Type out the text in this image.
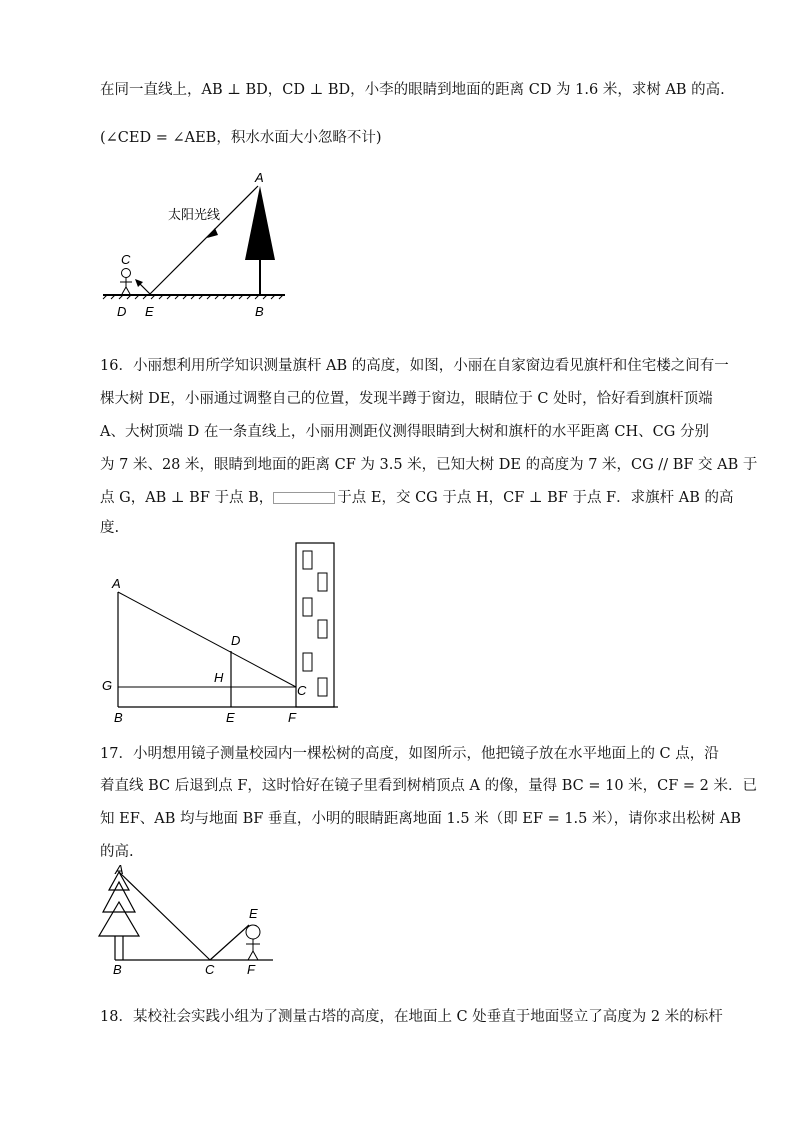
在同一直线上，AB ⊥ BD，CD ⊥ BD，小李的眼睛到地面的距离 CD 为 1.6 米，求树 AB 的高.
(∠CED = ∠AEB，积水水面大小忽略不计)
太阳光线
A
B
C
D E
16．小丽想利用所学知识测量旗杆 AB 的高度，如图，小丽在自家窗边看见旗杆和住宅楼之间有一
棵大树 DE，小丽通过调整自己的位置，发现半蹲于窗边，眼睛位于 C 处时，恰好看到旗杆顶端
A、大树顶端 D 在一条直线上，小丽用测距仪测得眼睛到大树和旗杆的水平距离 CH、CG 分别
为 7 米、28 米，眼睛到地面的距离 CF 为 3.5 米，已知大树 DE 的高度为 7 米，CG // BF 交 AB 于
点 G，AB ⊥ BF 于点 B，	于点 E，交 CG 于点 H，CF ⊥ BF 于点 F．求旗杆 AB 的高
度.
A
B
C
D
E	F
G
H
17．小明想用镜子测量校园内一棵松树的高度，如图所示，他把镜子放在水平地面上的 C 点，沿
着直线 BC 后退到点 F，这时恰好在镜子里看到树梢顶点 A 的像，量得 BC = 10 米，CF = 2 米．已
知 EF、AB 均与地面 BF 垂直，小明的眼睛距离地面 1.5 米（即 EF = 1.5 米），请你求出松树 AB
的高.
A
B	C
E
F
18．某校社会实践小组为了测量古塔的高度，在地面上 C 处垂直于地面竖立了高度为 2 米的标杆
